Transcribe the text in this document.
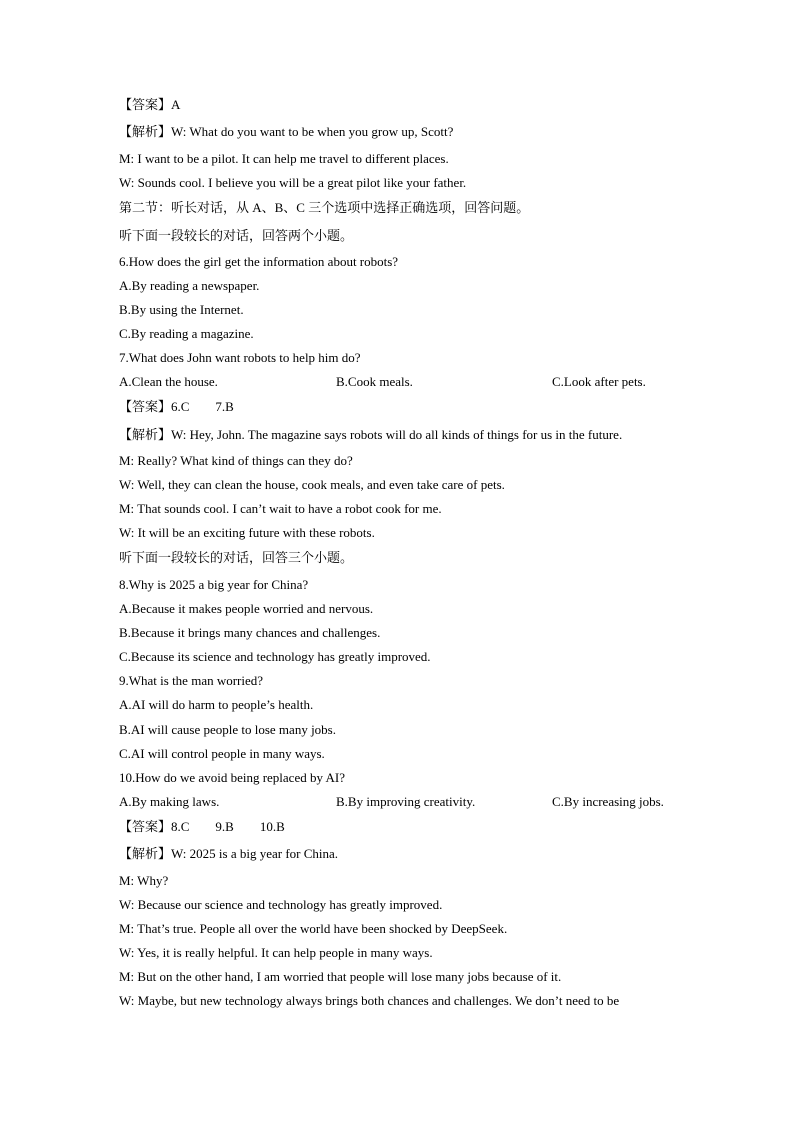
【答案】A
【解析】W: What do you want to be when you grow up, Scott?
M: I want to be a pilot. It can help me travel to different places.
W: Sounds cool. I believe you will be a great pilot like your father.
第二节：听长对话，从 A、B、C 三个选项中选择正确选项，回答问题。
听下面一段较长的对话，回答两个小题。
6.How does the girl get the information about robots?
A.By reading a newspaper.
B.By using the Internet.
C.By reading a magazine.
7.What does John want robots to help him do?
A.Clean the house.	B.Cook meals.	C.Look after pets.
【答案】6.C        7.B
【解析】W: Hey, John. The magazine says robots will do all kinds of things for us in the future.
M: Really? What kind of things can they do?
W: Well, they can clean the house, cook meals, and even take care of pets.
M: That sounds cool. I can’t wait to have a robot cook for me.
W: It will be an exciting future with these robots.
听下面一段较长的对话，回答三个小题。
8.Why is 2025 a big year for China?
A.Because it makes people worried and nervous.
B.Because it brings many chances and challenges.
C.Because its science and technology has greatly improved.
9.What is the man worried?
A.AI will do harm to people’s health.
B.AI will cause people to lose many jobs.
C.AI will control people in many ways.
10.How do we avoid being replaced by AI?
A.By making laws.	B.By improving creativity.	C.By increasing jobs.
【答案】8.C        9.B        10.B
【解析】W: 2025 is a big year for China.
M: Why?
W: Because our science and technology has greatly improved.
M: That’s true. People all over the world have been shocked by DeepSeek.
W: Yes, it is really helpful. It can help people in many ways.
M: But on the other hand, I am worried that people will lose many jobs because of it.
W: Maybe, but new technology always brings both chances and challenges. We don’t need to be
